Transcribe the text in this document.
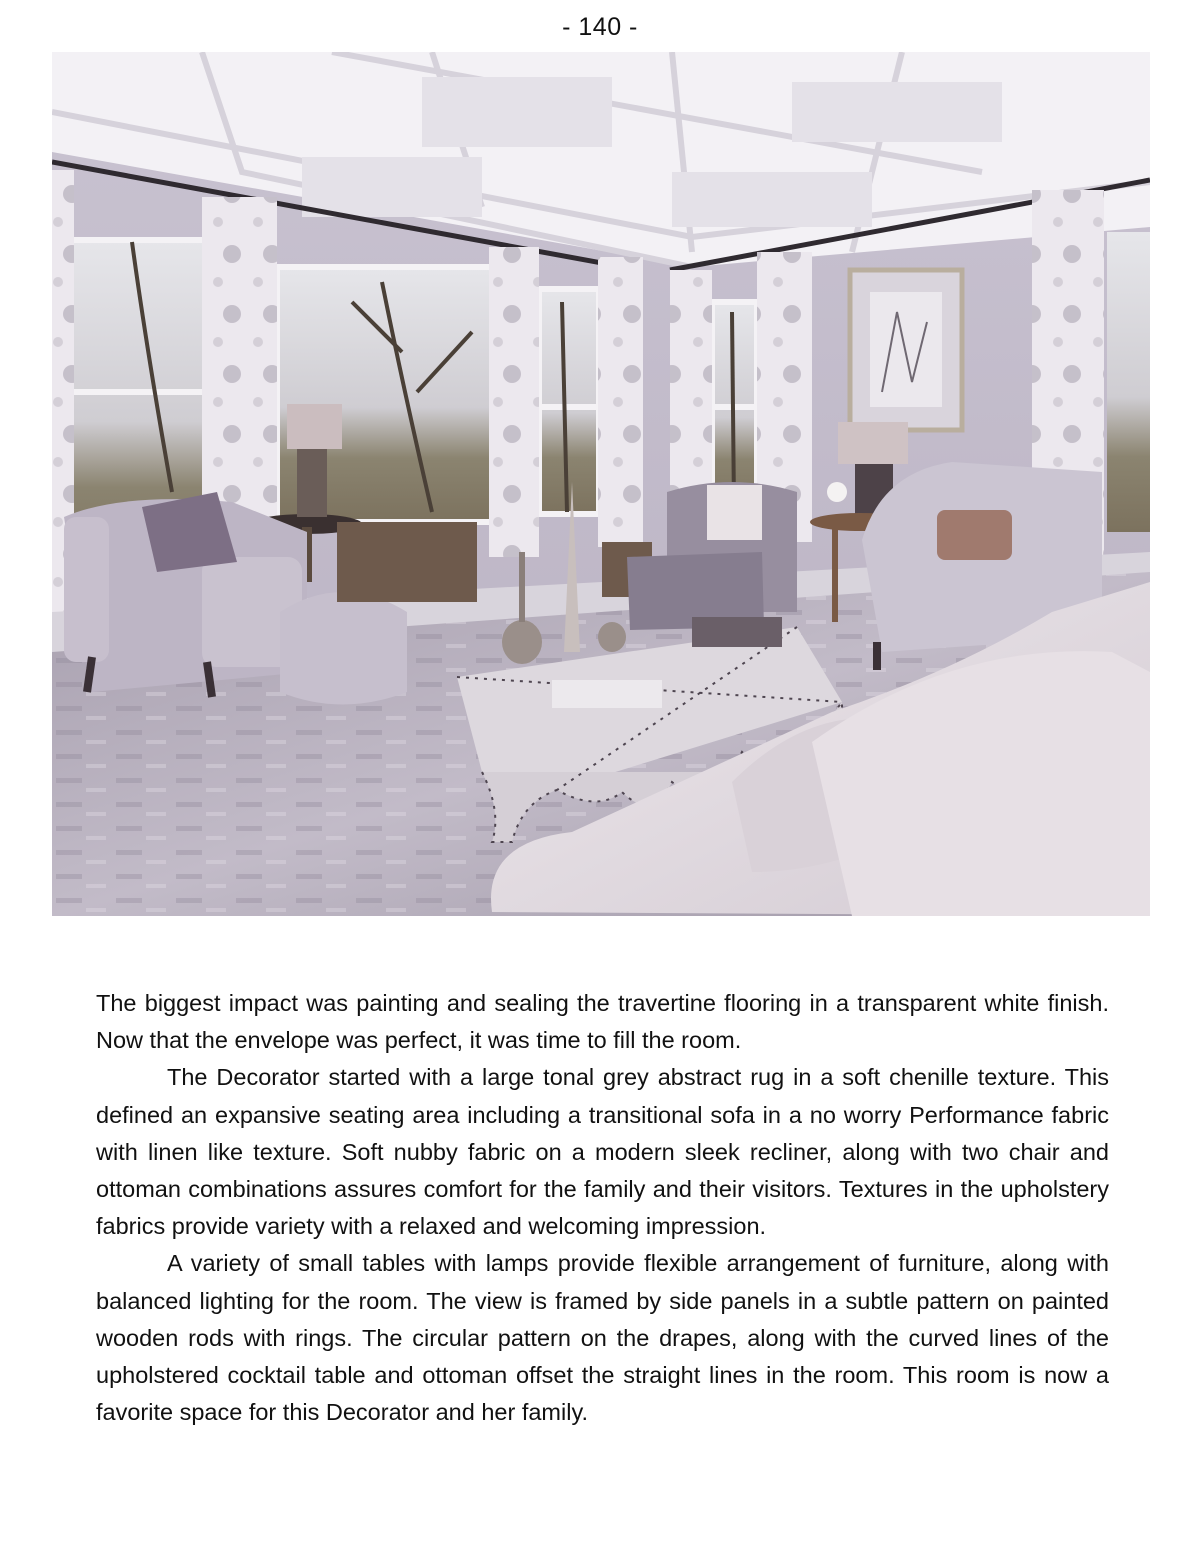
- 140 -

The biggest impact was painting and sealing the travertine flooring in a transparent white finish. Now that the envelope was perfect, it was time to fill the room.

The Decorator started with a large tonal grey abstract rug in a soft chenille texture. This defined an expansive seating area including a transitional sofa in a no worry Performance fabric with linen like texture. Soft nubby fabric on a modern sleek recliner, along with two chair and ottoman combinations assures comfort for the family and their visitors. Textures in the upholstery fabrics provide variety with a relaxed and welcoming impression.

A variety of small tables with lamps provide flexible arrangement of furniture, along with balanced lighting for the room. The view is framed by side panels in a subtle pattern on painted wooden rods with rings. The circular pattern on the drapes, along with the curved lines of the upholstered cocktail table and ottoman offset the straight lines in the room. This room is now a favorite space for this Decorator and her family.
